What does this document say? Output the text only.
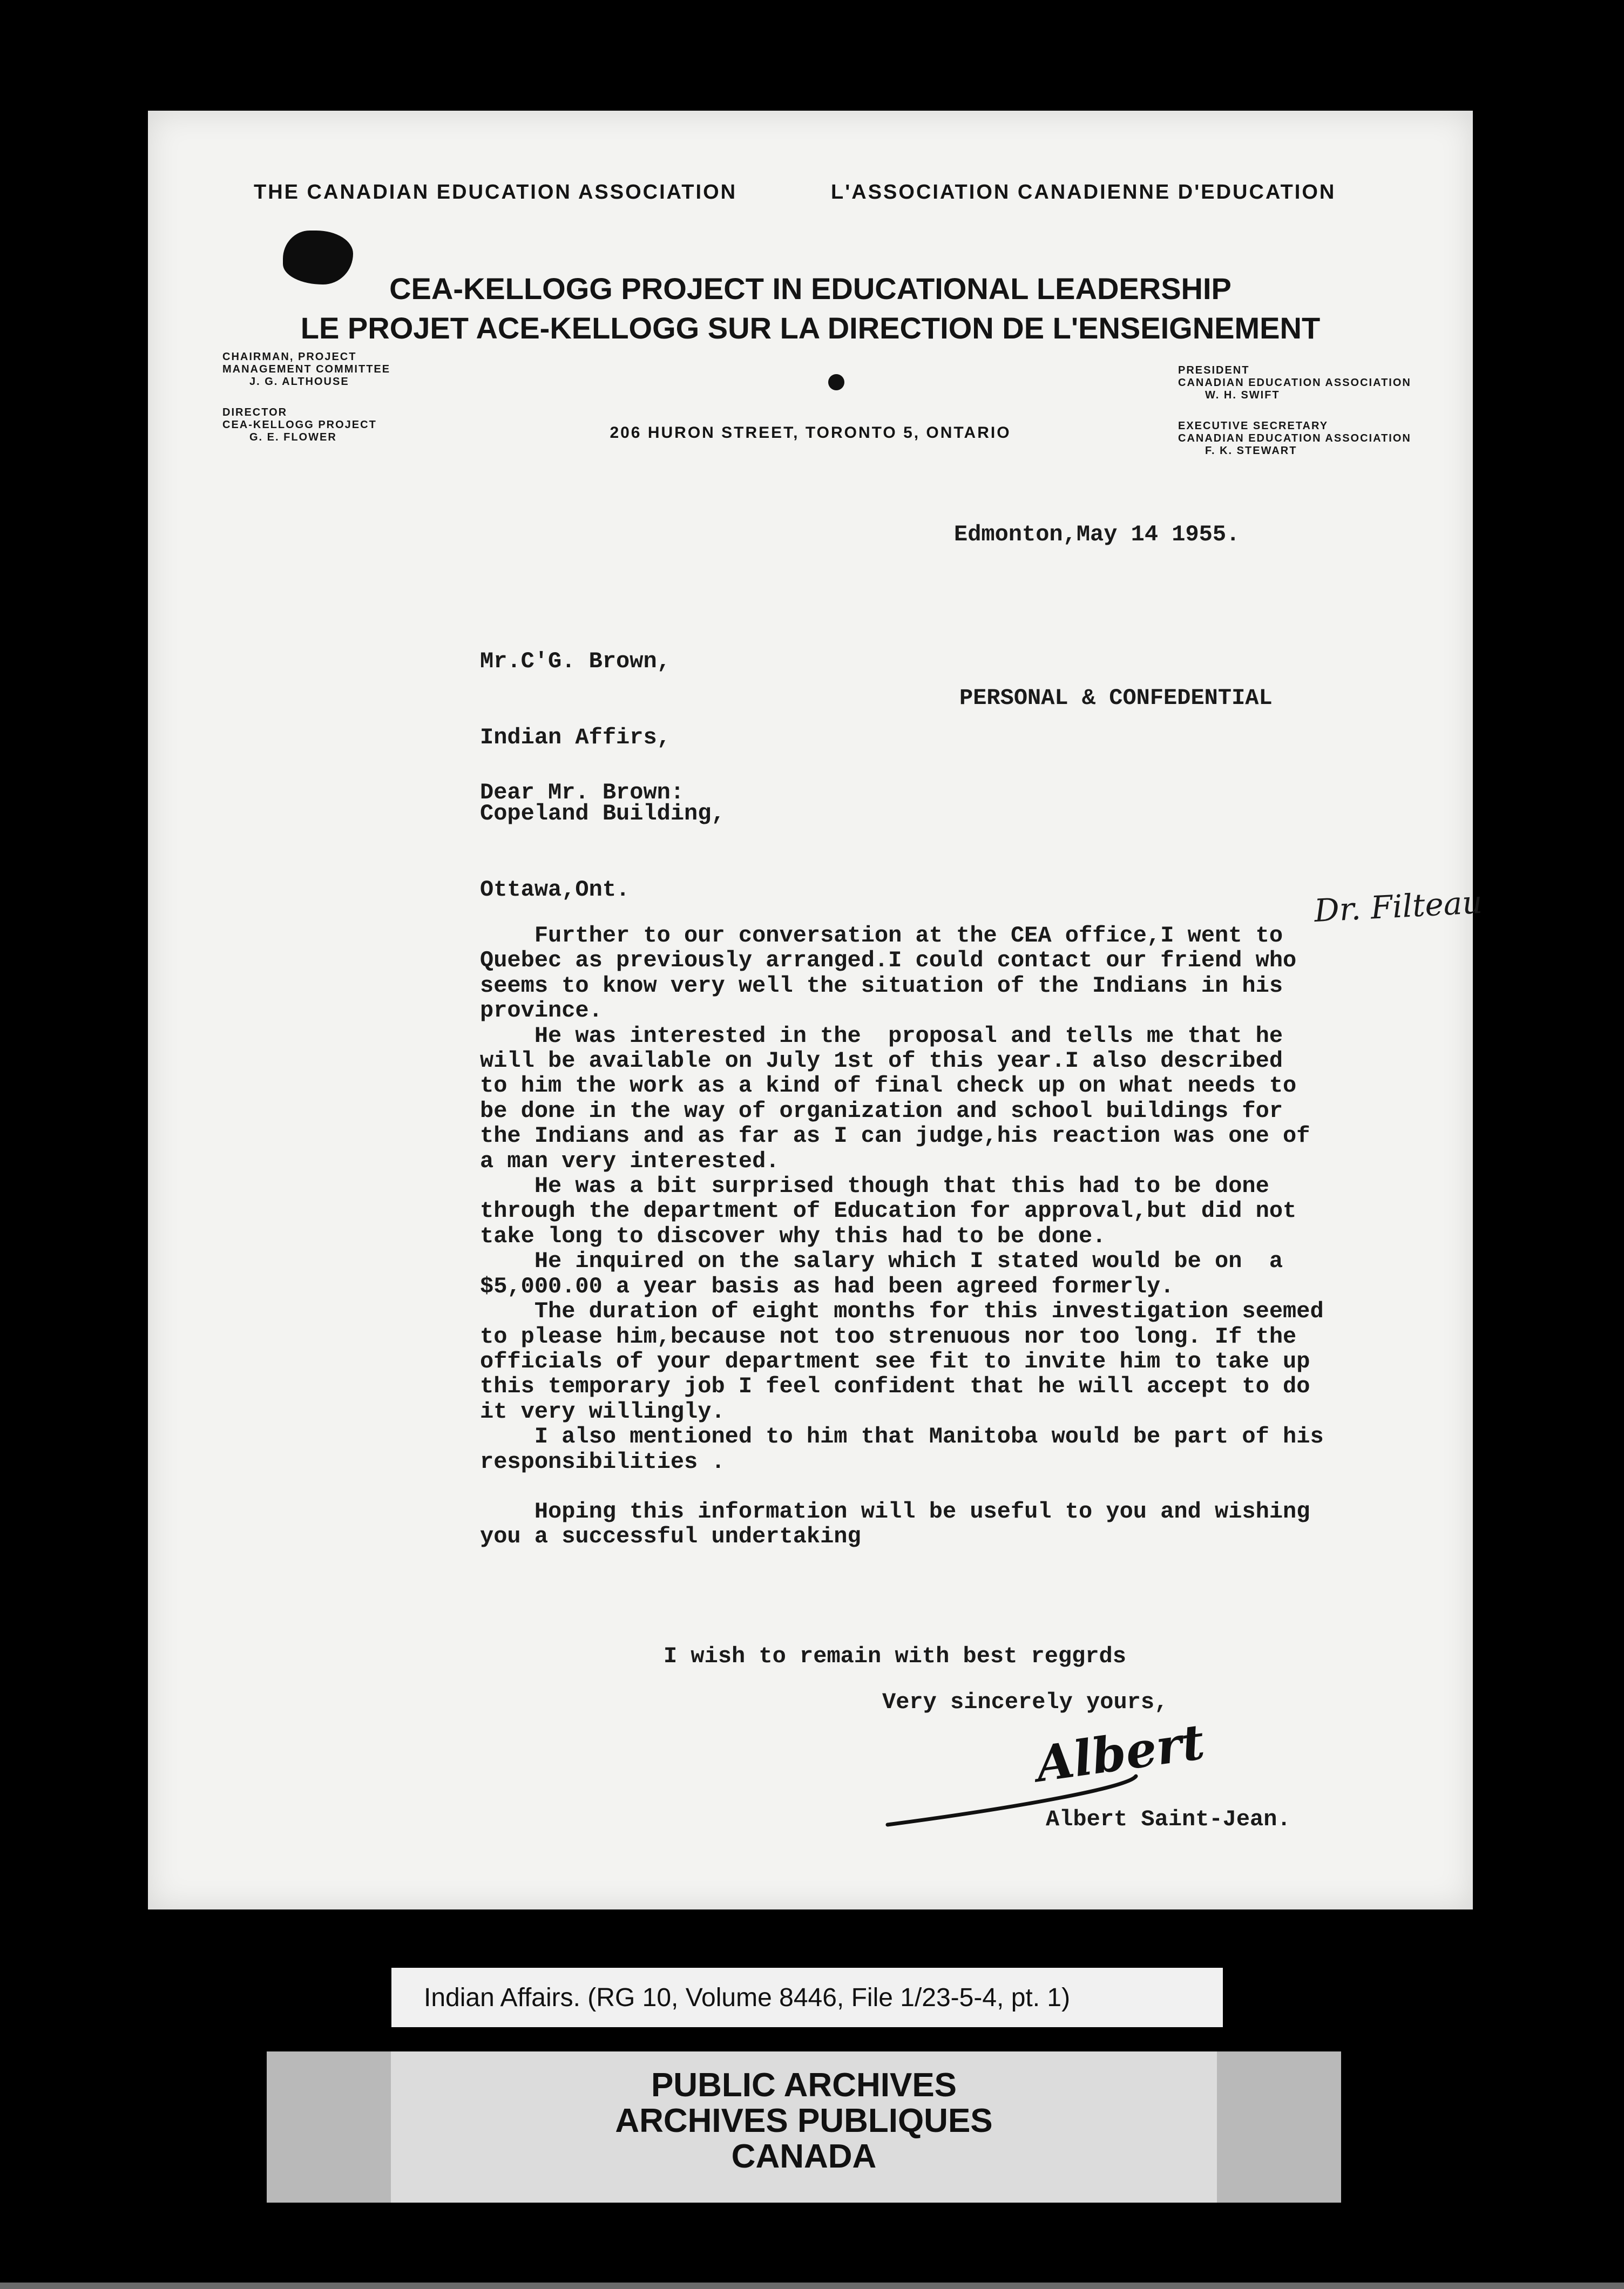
THE CANADIAN EDUCATION ASSOCIATION	L'ASSOCIATION CANADIENNE D'EDUCATION
CEA-KELLOGG PROJECT IN EDUCATIONAL LEADERSHIP
LE PROJET ACE-KELLOGG SUR LA DIRECTION DE L'ENSEIGNEMENT
CHAIRMAN, PROJECT
MANAGEMENT COMMITTEE
J. G. ALTHOUSE
DIRECTOR
CEA-KELLOGG PROJECT
G. E. FLOWER	206 HURON STREET, TORONTO 5, ONTARIO
PRESIDENT
CANADIAN EDUCATION ASSOCIATION
W. H. SWIFT
EXECUTIVE SECRETARY
CANADIAN EDUCATION ASSOCIATION
F. K. STEWART
Edmonton,May 14 1955.

Mr.C'G. Brown,

Indian Affirs,

Copeland Building,

Ottawa,Ont.

PERSONAL & CONFEDENTIAL
Dear Mr. Brown:
Dr. Filteau
Further to our conversation at the CEA office,I went to
Quebec as previously arranged.I could contact our friend who
seems to know very well the situation of the Indians in his
province.
He was interested in the  proposal and tells me that he
will be available on July 1st of this year.I also described
to him the work as a kind of final check up on what needs to
be done in the way of organization and school buildings for
the Indians and as far as I can judge,his reaction was one of
a man very interested.
He was a bit surprised though that this had to be done
through the department of Education for approval,but did not
take long to discover why this had to be done.
He inquired on the salary which I stated would be on  a
$5,000.00 a year basis as had been agreed formerly.
The duration of eight months for this investigation seemed
to please him,because not too strenuous nor too long. If the
officials of your department see fit to invite him to take up
this temporary job I feel confident that he will accept to do
it very willingly.
I also mentioned to him that Manitoba would be part of his
responsibilities .
Hoping this information will be useful to you and wishing
you a successful undertaking
I wish to remain with best reggrds
Very sincerely yours,
Albert
Albert Saint-Jean.
Indian Affairs. (RG 10, Volume 8446, File 1/23-5-4, pt. 1)
PUBLIC ARCHIVES
ARCHIVES PUBLIQUES
CANADA
